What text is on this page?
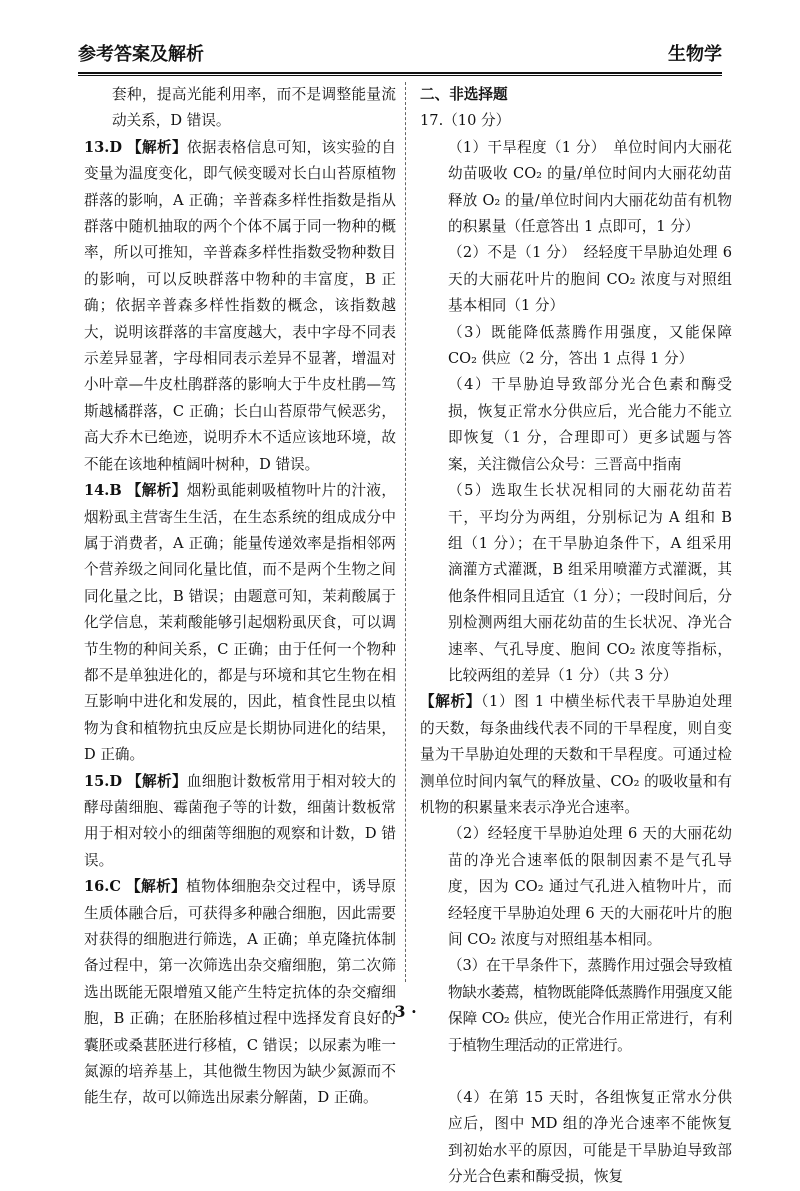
参考答案及解析	生物学

套种，提高光能利用率，而不是调整能量流动关系，D 错误。

13.D 【解析】依据表格信息可知，该实验的自变量为温度变化，即气候变暖对长白山苔原植物群落的影响，A 正确；辛普森多样性指数是指从群落中随机抽取的两个个体不属于同一物种的概率，所以可推知，辛普森多样性指数受物种数目的影响，可以反映群落中物种的丰富度，B 正确；依据辛普森多样性指数的概念，该指数越大，说明该群落的丰富度越大，表中字母不同表示差异显著，字母相同表示差异不显著，增温对小叶章—牛皮杜鹃群落的影响大于牛皮杜鹃—笃斯越橘群落，C 正确；长白山苔原带气候恶劣，高大乔木已绝迹，说明乔木不适应该地环境，故不能在该地种植阔叶树种，D 错误。

14.B 【解析】烟粉虱能刺吸植物叶片的汁液，烟粉虱主营寄生生活，在生态系统的组成成分中属于消费者，A 正确；能量传递效率是指相邻两个营养级之间同化量比值，而不是两个生物之间同化量之比，B 错误；由题意可知，茉莉酸属于化学信息，茉莉酸能够引起烟粉虱厌食，可以调节生物的种间关系，C 正确；由于任何一个物种都不是单独进化的，都是与环境和其它生物在相互影响中进化和发展的，因此，植食性昆虫以植物为食和植物抗虫反应是长期协同进化的结果，D 正确。

15.D 【解析】血细胞计数板常用于相对较大的酵母菌细胞、霉菌孢子等的计数，细菌计数板常用于相对较小的细菌等细胞的观察和计数，D 错误。

16.C 【解析】植物体细胞杂交过程中，诱导原生质体融合后，可获得多种融合细胞，因此需要对获得的细胞进行筛选，A 正确；单克隆抗体制备过程中，第一次筛选出杂交瘤细胞，第二次筛选出既能无限增殖又能产生特定抗体的杂交瘤细胞，B 正确；在胚胎移植过程中选择发育良好的囊胚或桑葚胚进行移植，C 错误；以尿素为唯一氮源的培养基上，其他微生物因为缺少氮源而不能生存，故可以筛选出尿素分解菌，D 正确。

二、非选择题

17.（10 分）

（1）干旱程度（1 分）　单位时间内大丽花幼苗吸收 CO₂ 的量/单位时间内大丽花幼苗释放 O₂ 的量/单位时间内大丽花幼苗有机物的积累量（任意答出 1 点即可，1 分）

（2）不是（1 分）　经轻度干旱胁迫处理 6 天的大丽花叶片的胞间 CO₂ 浓度与对照组基本相同（1 分）

（3）既能降低蒸腾作用强度，又能保障 CO₂ 供应（2 分，答出 1 点得 1 分）

（4）干旱胁迫导致部分光合色素和酶受损，恢复正常水分供应后，光合能力不能立即恢复（1 分，合理即可）更多试题与答案，关注微信公众号：三晋高中指南

（5）选取生长状况相同的大丽花幼苗若干，平均分为两组，分别标记为 A 组和 B 组（1 分）；在干旱胁迫条件下，A 组采用滴灌方式灌溉，B 组采用喷灌方式灌溉，其他条件相同且适宜（1 分）；一段时间后，分别检测两组大丽花幼苗的生长状况、净光合速率、气孔导度、胞间 CO₂ 浓度等指标，比较两组的差异（1 分）（共 3 分）

【解析】（1）图 1 中横坐标代表干旱胁迫处理的天数，每条曲线代表不同的干旱程度，则自变量为干旱胁迫处理的天数和干旱程度。可通过检测单位时间内氧气的释放量、CO₂ 的吸收量和有机物的积累量来表示净光合速率。

（2）经轻度干旱胁迫处理 6 天的大丽花幼苗的净光合速率低的限制因素不是气孔导度，因为 CO₂ 通过气孔进入植物叶片，而经轻度干旱胁迫处理 6 天的大丽花叶片的胞间 CO₂ 浓度与对照组基本相同。

（3）在干旱条件下，蒸腾作用过强会导致植物缺水萎蔫，植物既能降低蒸腾作用强度又能保障 CO₂ 供应，使光合作用正常进行，有利于植物生理活动的正常进行。

（4）在第 15 天时，各组恢复正常水分供应后，图中 MD 组的净光合速率不能恢复到初始水平的原因，可能是干旱胁迫导致部分光合色素和酶受损，恢复

· 3 ·
